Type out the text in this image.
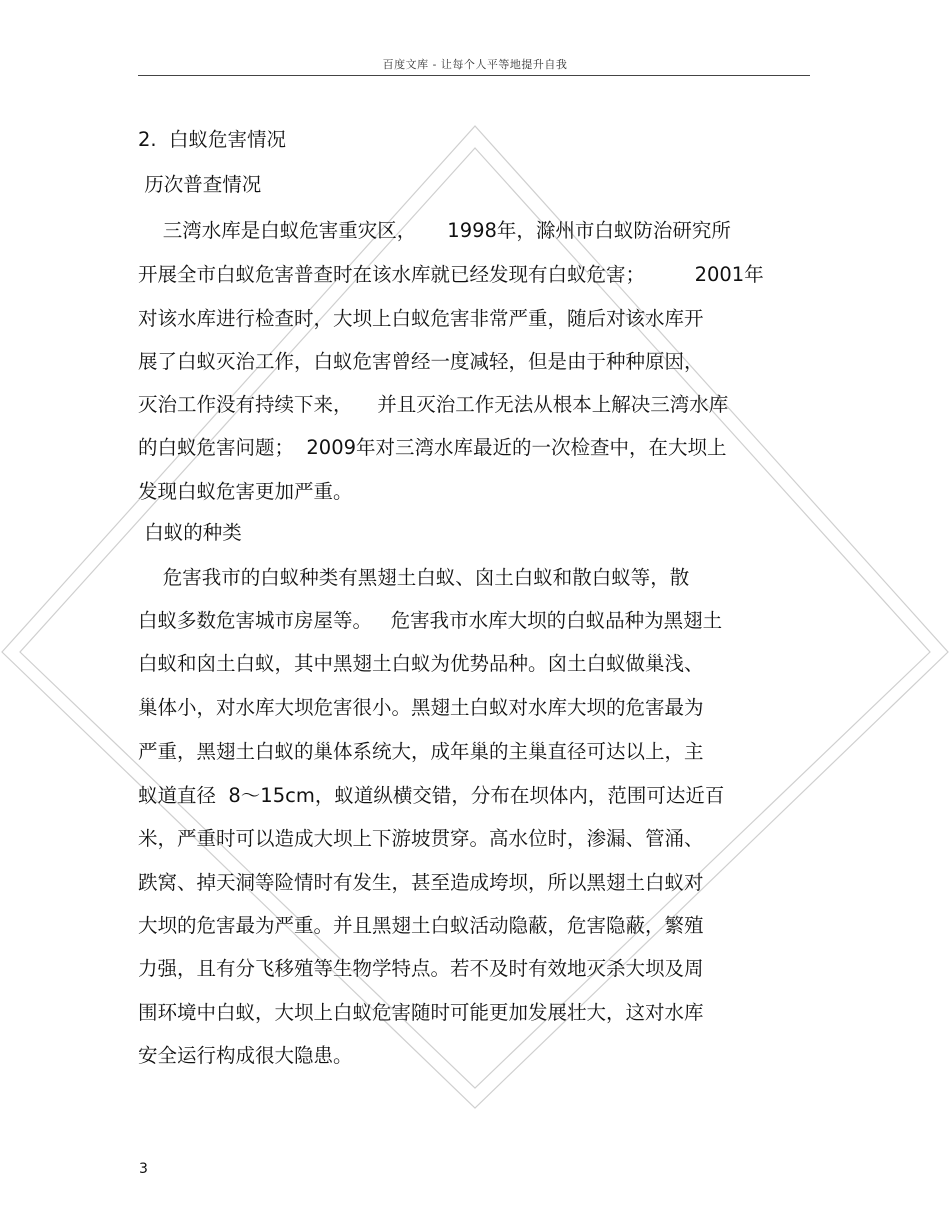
百度文库 - 让每个人平等地提升自我
2.  白蚁危害情况
历次普查情况
三湾水库是白蚁危害重灾区，     1998年，滁州市白蚁防治研究所
开展全市白蚁危害普查时在该水库就已经发现有白蚁危害；        2001年
对该水库进行检查时，大坝上白蚁危害非常严重，随后对该水库开
展了白蚁灭治工作，白蚁危害曾经一度减轻，但是由于种种原因，
灭治工作没有持续下来，    并且灭治工作无法从根本上解决三湾水库
的白蚁危害问题；  2009年对三湾水库最近的一次检查中，在大坝上
发现白蚁危害更加严重。
白蚁的种类
危害我市的白蚁种类有黑翅土白蚁、囟土白蚁和散白蚁等，散
白蚁多数危害城市房屋等。   危害我市水库大坝的白蚁品种为黑翅土
白蚁和囟土白蚁，其中黑翅土白蚁为优势品种。囟土白蚁做巢浅、
巢体小，对水库大坝危害很小。黑翅土白蚁对水库大坝的危害最为
严重，黑翅土白蚁的巢体系统大，成年巢的主巢直径可达以上，主
蚁道直径  8～15cm，蚁道纵横交错，分布在坝体内，范围可达近百
米，严重时可以造成大坝上下游坡贯穿。高水位时，渗漏、管涌、
跌窝、掉天洞等险情时有发生，甚至造成垮坝，所以黑翅土白蚁对
大坝的危害最为严重。并且黑翅土白蚁活动隐蔽，危害隐蔽，繁殖
力强，且有分飞移殖等生物学特点。若不及时有效地灭杀大坝及周
围环境中白蚁，大坝上白蚁危害随时可能更加发展壮大，这对水库
安全运行构成很大隐患。
3
